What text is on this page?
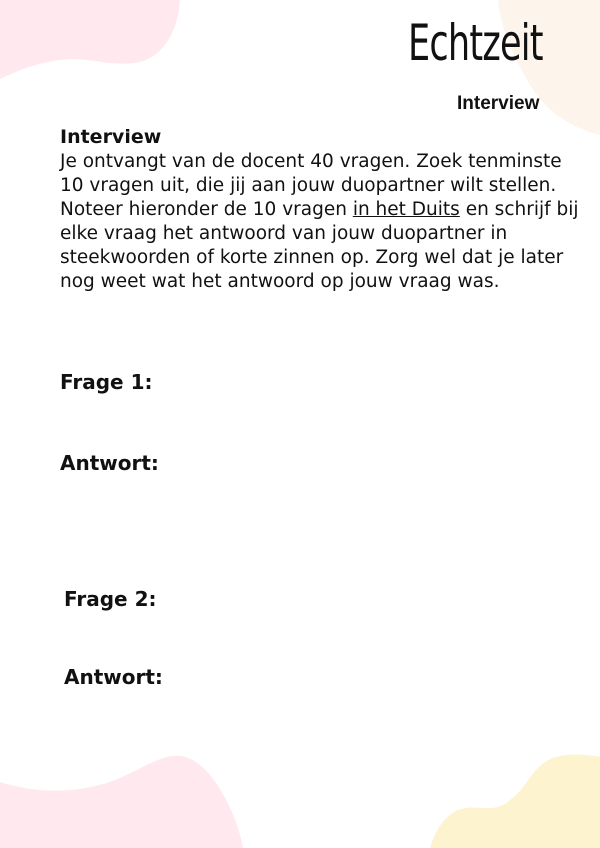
Echtzeit
Interview
Interview
Je ontvangt van de docent 40 vragen. Zoek tenminste 10 vragen uit, die jij aan jouw duopartner wilt stellen. Noteer hieronder de 10 vragen in het Duits en schrijf bij elke vraag het antwoord van jouw duopartner in steekwoorden of korte zinnen op. Zorg wel dat je later nog weet wat het antwoord op jouw vraag was.
Frage 1:
Antwort:
Frage 2:
Antwort:
